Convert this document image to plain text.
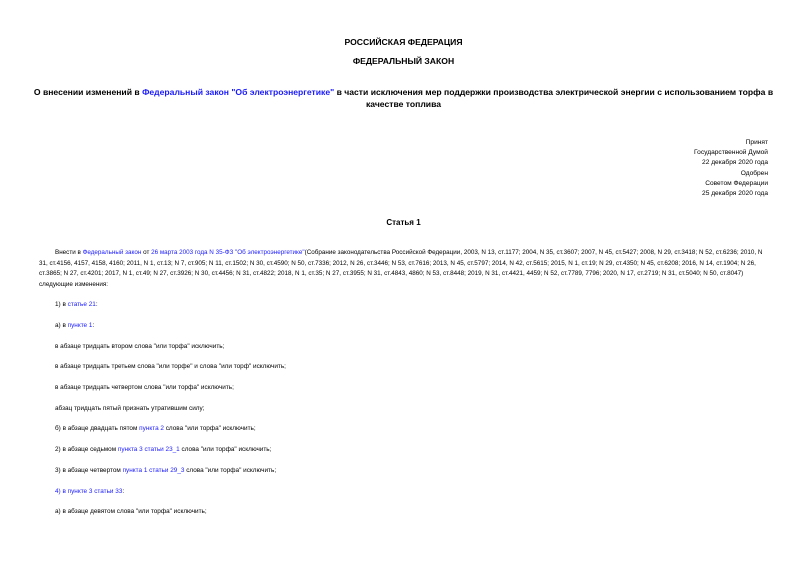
РОССИЙСКАЯ ФЕДЕРАЦИЯ
ФЕДЕРАЛЬНЫЙ ЗАКОН
О внесении изменений в Федеральный закон "Об электроэнергетике" в части исключения мер поддержки производства электрической энергии с использованием торфа в качестве топлива
Принят
Государственной Думой
22 декабря 2020 года
Одобрен
Советом Федерации
25 декабря 2020 года
Статья 1
Внести в Федеральный закон от 26 марта 2003 года N 35-ФЗ "Об электроэнергетике"(Собрание законодательства Российской Федерации, 2003, N 13, ст.1177; 2004, N 35, ст.3607; 2007, N 45, ст.5427; 2008, N 29, ст.3418; N 52, ст.6236; 2010, N 31, ст.4156, 4157, 4158, 4160; 2011, N 1, ст.13; N 7, ст.905; N 11, ст.1502; N 30, ст.4590; N 50, ст.7336; 2012, N 26, ст.3446; N 53, ст.7616; 2013, N 45, ст.5797; 2014, N 42, ст.5615; 2015, N 1, ст.19; N 29, ст.4350; N 45, ст.6208; 2016, N 14, ст.1904; N 26, ст.3865; N 27, ст.4201; 2017, N 1, ст.49; N 27, ст.3926; N 30, ст.4456; N 31, ст.4822; 2018, N 1, ст.35; N 27, ст.3955; N 31, ст.4843, 4860; N 53, ст.8448; 2019, N 31, ст.4421, 4459; N 52, ст.7789, 7796; 2020, N 17, ст.2719; N 31, ст.5040; N 50, ст.8047) следующие изменения:
1) в статье 21:
а) в пункте 1:
в абзаце тридцать втором слова "или торфа" исключить;
в абзаце тридцать третьем слова "или торфе" и слова "или торф" исключить;
в абзаце тридцать четвертом слова "или торфа" исключить;
абзац тридцать пятый признать утратившим силу;
б) в абзаце двадцать пятом пункта 2 слова "или торфа" исключить;
2) в абзаце седьмом пункта 3 статьи 23_1 слова "или торфа" исключить;
3) в абзаце четвертом пункта 1 статьи 29_3 слова "или торфа" исключить;
4) в пункте 3 статьи 33:
а) в абзаце девятом слова "или торфа" исключить;
